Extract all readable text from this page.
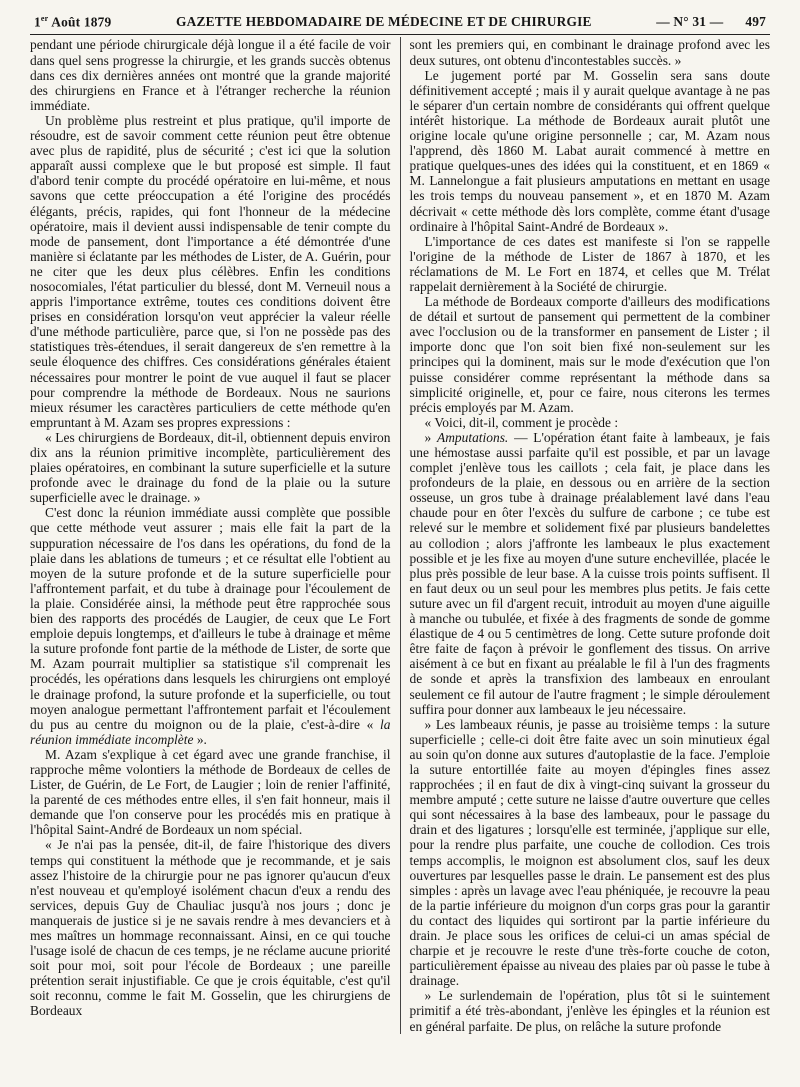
1er Août 1879	GAZETTE HEBDOMADAIRE DE MÉDECINE ET DE CHIRURGIE	— N° 31 — 497

pendant une période chirurgicale déjà longue il a été facile de voir dans quel sens progresse la chirurgie, et les grands succès obtenus dans ces dix dernières années ont montré que la grande majorité des chirurgiens en France et à l'étranger recherche la réunion immédiate.

Un problème plus restreint et plus pratique, qu'il importe de résoudre, est de savoir comment cette réunion peut être obtenue avec plus de rapidité, plus de sécurité ; c'est ici que la solution apparaît aussi complexe que le but proposé est simple. Il faut d'abord tenir compte du procédé opératoire en lui-même, et nous savons que cette préoccupation a été l'origine des procédés élégants, précis, rapides, qui font l'honneur de la médecine opératoire, mais il devient aussi indispensable de tenir compte du mode de pansement, dont l'importance a été démontrée d'une manière si éclatante par les méthodes de Lister, de A. Guérin, pour ne citer que les deux plus célèbres. Enfin les conditions nosocomiales, l'état particulier du blessé, dont M. Verneuil nous a appris l'importance extrême, toutes ces conditions doivent être prises en considération lorsqu'on veut apprécier la valeur réelle d'une méthode particulière, parce que, si l'on ne possède pas des statistiques très-étendues, il serait dangereux de s'en remettre à la seule éloquence des chiffres. Ces considérations générales étaient nécessaires pour montrer le point de vue auquel il faut se placer pour comprendre la méthode de Bordeaux. Nous ne saurions mieux résumer les caractères particuliers de cette méthode qu'en empruntant à M. Azam ses propres expressions :

« Les chirurgiens de Bordeaux, dit-il, obtiennent depuis environ dix ans la réunion primitive incomplète, particulièrement des plaies opératoires, en combinant la suture superficielle et la suture profonde avec le drainage du fond de la plaie ou la suture superficielle avec le drainage. »

C'est donc la réunion immédiate aussi complète que possible que cette méthode veut assurer ; mais elle fait la part de la suppuration nécessaire de l'os dans les opérations, du fond de la plaie dans les ablations de tumeurs ; et ce résultat elle l'obtient au moyen de la suture profonde et de la suture superficielle pour l'affrontement parfait, et du tube à drainage pour l'écoulement de la plaie. Considérée ainsi, la méthode peut être rapprochée sous bien des rapports des procédés de Laugier, de ceux que Le Fort emploie depuis longtemps, et d'ailleurs le tube à drainage et même la suture profonde font partie de la méthode de Lister, de sorte que M. Azam pourrait multiplier sa statistique s'il comprenait les procédés, les opérations dans lesquels les chirurgiens ont employé le drainage profond, la suture profonde et la superficielle, ou tout moyen analogue permettant l'affrontement parfait et l'écoulement du pus au centre du moignon ou de la plaie, c'est-à-dire « la réunion immédiate incomplète ».

M. Azam s'explique à cet égard avec une grande franchise, il rapproche même volontiers la méthode de Bordeaux de celles de Lister, de Guérin, de Le Fort, de Laugier ; loin de renier l'affinité, la parenté de ces méthodes entre elles, il s'en fait honneur, mais il demande que l'on conserve pour les procédés mis en pratique à l'hôpital Saint-André de Bordeaux un nom spécial.

« Je n'ai pas la pensée, dit-il, de faire l'historique des divers temps qui constituent la méthode que je recommande, et je sais assez l'histoire de la chirurgie pour ne pas ignorer qu'aucun d'eux n'est nouveau et qu'employé isolément chacun d'eux a rendu des services, depuis Guy de Chauliac jusqu'à nos jours ; donc je manquerais de justice si je ne savais rendre à mes devanciers et à mes maîtres un hommage reconnaissant. Ainsi, en ce qui touche l'usage isolé de chacun de ces temps, je ne réclame aucune priorité soit pour moi, soit pour l'école de Bordeaux ; une pareille prétention serait injustifiable. Ce que je crois équitable, c'est qu'il soit reconnu, comme le fait M. Gosselin, que les chirurgiens de Bordeaux

sont les premiers qui, en combinant le drainage profond avec les deux sutures, ont obtenu d'incontestables succès. »

Le jugement porté par M. Gosselin sera sans doute définitivement accepté ; mais il y aurait quelque avantage à ne pas le séparer d'un certain nombre de considérants qui offrent quelque intérêt historique. La méthode de Bordeaux aurait plutôt une origine locale qu'une origine personnelle ; car, M. Azam nous l'apprend, dès 1860 M. Labat aurait commencé à mettre en pratique quelques-unes des idées qui la constituent, et en 1869 « M. Lannelongue a fait plusieurs amputations en mettant en usage les trois temps du nouveau pansement », et en 1870 M. Azam décrivait « cette méthode dès lors complète, comme étant d'usage ordinaire à l'hôpital Saint-André de Bordeaux ».

L'importance de ces dates est manifeste si l'on se rappelle l'origine de la méthode de Lister de 1867 à 1870, et les réclamations de M. Le Fort en 1874, et celles que M. Trélat rappelait dernièrement à la Société de chirurgie.

La méthode de Bordeaux comporte d'ailleurs des modifications de détail et surtout de pansement qui permettent de la combiner avec l'occlusion ou de la transformer en pansement de Lister ; il importe donc que l'on soit bien fixé non-seulement sur les principes qui la dominent, mais sur le mode d'exécution que l'on puisse considérer comme représentant la méthode dans sa simplicité originelle, et, pour ce faire, nous citerons les termes précis employés par M. Azam.

« Voici, dit-il, comment je procède :

» Amputations. — L'opération étant faite à lambeaux, je fais une hémostase aussi parfaite qu'il est possible, et par un lavage complet j'enlève tous les caillots ; cela fait, je place dans les profondeurs de la plaie, en dessous ou en arrière de la section osseuse, un gros tube à drainage préalablement lavé dans l'eau chaude pour en ôter l'excès du sulfure de carbone ; ce tube est relevé sur le membre et solidement fixé par plusieurs bandelettes au collodion ; alors j'affronte les lambeaux le plus exactement possible et je les fixe au moyen d'une suture enchevillée, placée le plus près possible de leur base. A la cuisse trois points suffisent. Il en faut deux ou un seul pour les membres plus petits. Je fais cette suture avec un fil d'argent recuit, introduit au moyen d'une aiguille à manche ou tubulée, et fixée à des fragments de sonde de gomme élastique de 4 ou 5 centimètres de long. Cette suture profonde doit être faite de façon à prévoir le gonflement des tissus. On arrive aisément à ce but en fixant au préalable le fil à l'un des fragments de sonde et après la transfixion des lambeaux en enroulant seulement ce fil autour de l'autre fragment ; le simple déroulement suffira pour donner aux lambeaux le jeu nécessaire.

» Les lambeaux réunis, je passe au troisième temps : la suture superficielle ; celle-ci doit être faite avec un soin minutieux égal au soin qu'on donne aux sutures d'autoplastie de la face. J'emploie la suture entortillée faite au moyen d'épingles fines assez rapprochées ; il en faut de dix à vingt-cinq suivant la grosseur du membre amputé ; cette suture ne laisse d'autre ouverture que celles qui sont nécessaires à la base des lambeaux, pour le passage du drain et des ligatures ; lorsqu'elle est terminée, j'applique sur elle, pour la rendre plus parfaite, une couche de collodion. Ces trois temps accomplis, le moignon est absolument clos, sauf les deux ouvertures par lesquelles passe le drain. Le pansement est des plus simples : après un lavage avec l'eau phéniquée, je recouvre la peau de la partie inférieure du moignon d'un corps gras pour la garantir du contact des liquides qui sortiront par la partie inférieure du drain. Je place sous les orifices de celui-ci un amas spécial de charpie et je recouvre le reste d'une très-forte couche de coton, particulièrement épaisse au niveau des plaies par où passe le tube à drainage.

» Le surlendemain de l'opération, plus tôt si le suintement primitif a été très-abondant, j'enlève les épingles et la réunion est en général parfaite. De plus, on relâche la suture profonde
